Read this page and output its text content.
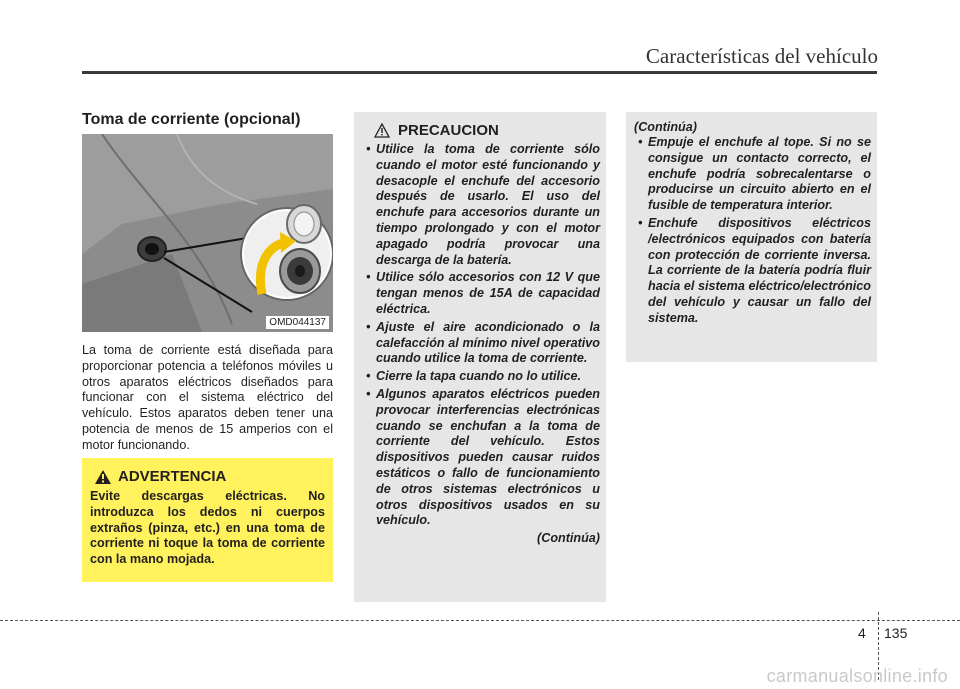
Características del vehículo
Toma de corriente (opcional)
OMD044137

La toma de corriente está diseñada para proporcionar potencia a teléfonos móviles u otros aparatos eléctricos diseñados para funcionar con el sistema eléctrico del vehículo. Estos aparatos deben tener una potencia de menos de 15 amperios con el motor funcionando.

ADVERTENCIA
Evite descargas eléctricas. No introduzca los dedos ni cuerpos extraños (pinza, etc.) en una toma de corriente ni toque la toma de corriente con la mano mojada.
PRECAUCION
• Utilice la toma de corriente sólo cuando el motor esté funcionando y desacople el enchufe del accesorio después de usarlo. El uso del enchufe para accesorios durante un tiempo prolongado y con el motor apagado podría provocar una descarga de la batería.
• Utilice sólo accesorios con 12 V que tengan menos de 15A de capacidad eléctrica.
• Ajuste el aire acondicionado o la calefacción al mínimo nivel operativo cuando utilice la toma de corriente.
• Cierre la tapa cuando no lo utilice.
• Algunos aparatos eléctricos pueden provocar interferencias electrónicas cuando se enchufan a la toma de corriente del vehículo. Estos dispositivos pueden causar ruidos estáticos o fallo de funcionamiento de otros sistemas electrónicos u otros dispositivos usados en su vehículo.
(Continúa)
(Continúa)
• Empuje el enchufe al tope. Si no se consigue un contacto correcto, el enchufe podría sobrecalentarse o producirse un circuito abierto en el fusible de temperatura interior.
• Enchufe dispositivos eléctricos /electrónicos equipados con batería con protección de corriente inversa. La corriente de la batería podría fluir hacia el sistema eléctrico/electrónico del vehículo y causar un fallo del sistema.
4 135
carmanualsonline.info
